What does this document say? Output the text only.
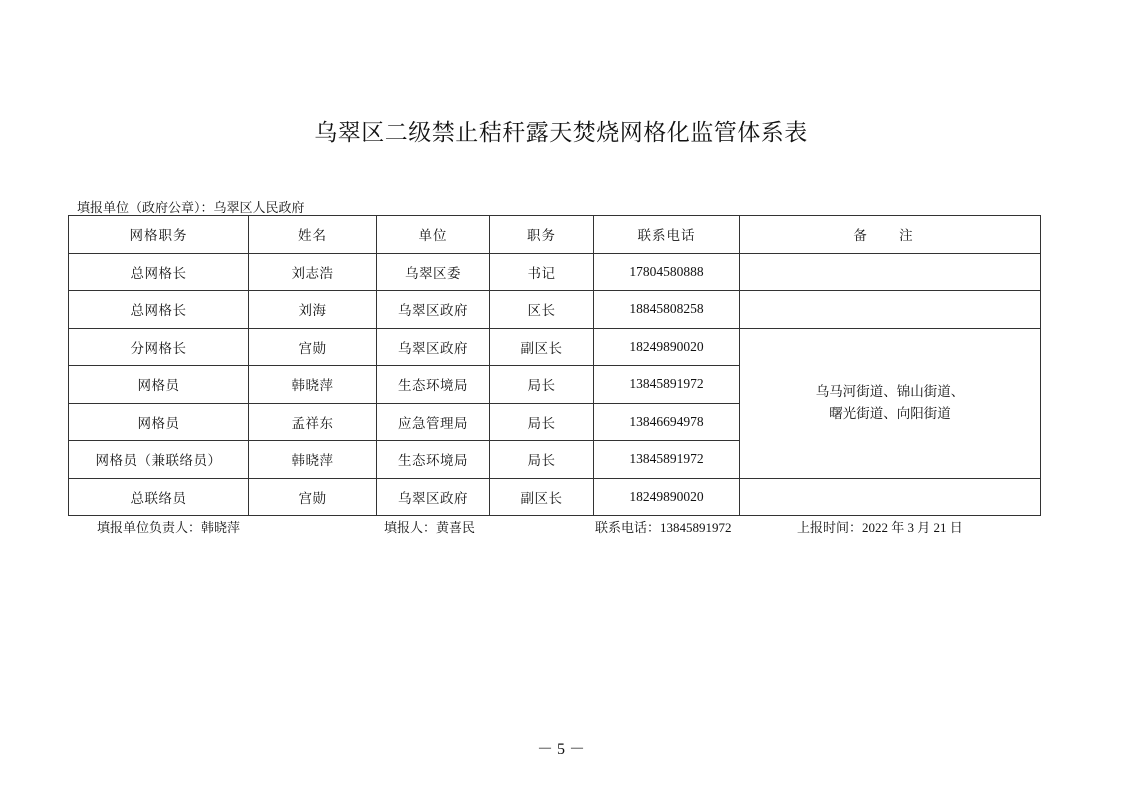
乌翠区二级禁止秸秆露天焚烧网格化监管体系表
填报单位（政府公章）：乌翠区人民政府
网格职务	姓名	单位	职务	联系电话	备 注
总网格长	刘志浩	乌翠区委	书记	17804580888	
总网格长	刘海	乌翠区政府	区长	18845808258	
分网格长	宫勋	乌翠区政府	副区长	18249890020	乌马河街道、锦山街道、
曙光街道、向阳街道

网格员	韩晓萍	生态环境局	局长	13845891972	
网格员	孟祥东	应急管理局	局长	13846694978	
网格员（兼联络员）	韩晓萍	生态环境局	局长	13845891972	
总联络员	宫勋	乌翠区政府	副区长	18249890020	
填报单位负责人：韩晓萍	填报人：黄喜民	联系电话：13845891972	上报时间：2022 年 3 月 21 日
－ 5 －
